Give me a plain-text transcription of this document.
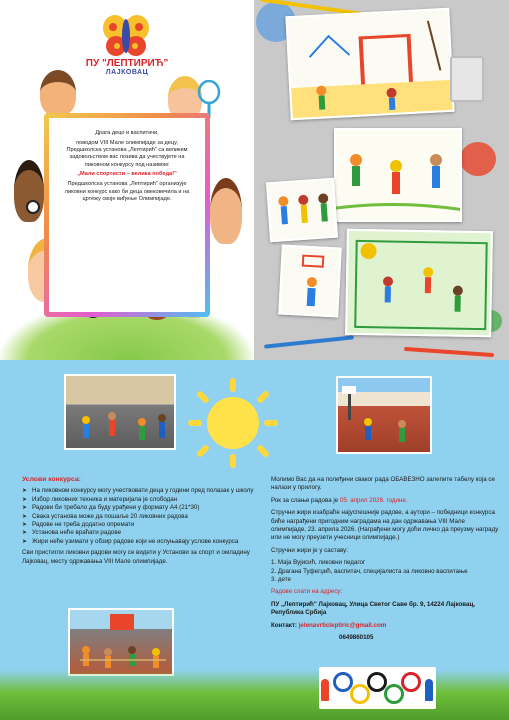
ПУ "ЛЕПТИРИЋ"
ЛАЈКОВАЦ

Драга децо и васпитачи,

поводом VIII Мале олимпијаде за децу, Предшколска установа „Лептирић" са великим задовољством вас позива да учествујете на ликовном конкурсу под називом:

„Мали спортисти – велика победа!"

Предшколска установа „Лептирић" организује ликовни конкурс како би деца овековечила и на цртежу своје виђење Олимпијаде.

Услови конкурса:
➤ На ликовном конкурсу могу учествовати деца у години пред полазак у школу
➤ Избор ликовних техника и материјала је слободан
➤ Радови би требало да буду урађени у формату А4 (21*30)
➤ Свака установа може да пошаље 20 ликовних радова
➤ Радове не треба додатно опремати
➤ Установа неће враћати радове
➤ Жири неће узимати у обзир радове који не испуњавају услове конкурса

Сви пристигли ликовни радови могу се видети у Установи за спорт и омладину Лајковац, месту одржавања VIII Мале олимпијаде.

Молимо Вас да на полеђини сваког рада ОБАВЕЗНО залепите табелу која се налази у прилогу.

Рок за слање радова је 05. април 2026. године.

Стручни жири изабраће најуспешније радове, а аутори – победници конкурса биће награђени пригодним наградама на дан одржавања VIII Мале олимпијаде, 23. априла 2026. (Награђени могу доћи лично да преузму награду или не могу преузети учесници олимпијаде.)

Стручни жири је у саставу:

1. Маја Вујисић, ликовни педагог
2. Драгана Туфегџић, васпитач, специјалиста за ликовно васпитање
3. дете

Радове слати на адресу:

ПУ „Лептирић" Лајковац, Улица Светог Саве бр. 9, 14224 Лајковац, Република Србија

Контакт: jelenavrticleptiric@gmail.com

0649860105
